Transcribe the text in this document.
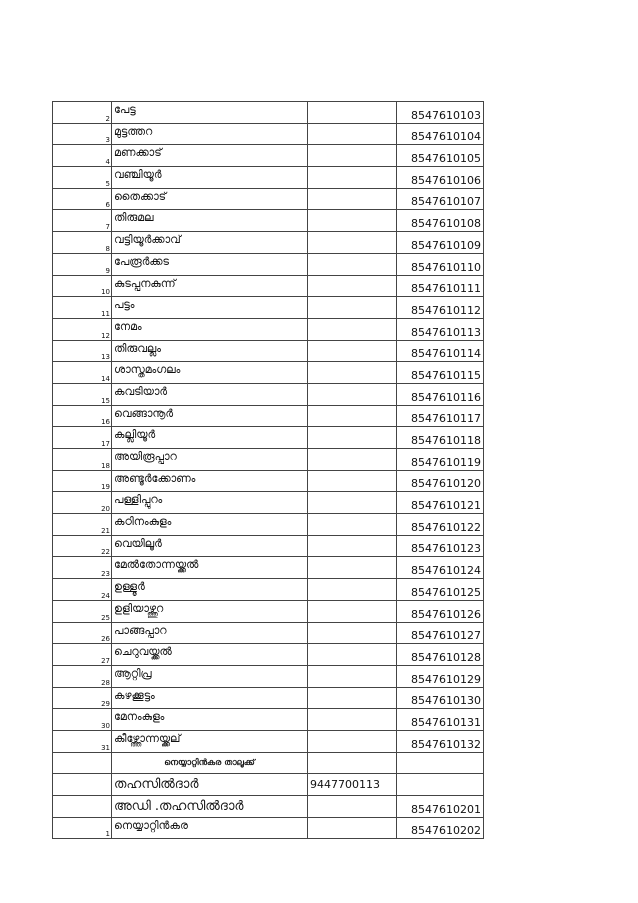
2	പേട്ട		8547610103
3	മുട്ടത്തറ		8547610104
4	മണക്കാട്		8547610105
5	വഞ്ചിയൂർ		8547610106
6	തൈക്കാട്		8547610107
7	തിരുമല		8547610108
8	വട്ടിയൂർക്കാവ്		8547610109
9	പേരൂർക്കട		8547610110
10	കുടപ്പനകുന്ന്		8547610111
11	പട്ടം		8547610112
12	നേമം		8547610113
13	തിരുവല്ലം		8547610114
14	ശാസ്തമംഗലം		8547610115
15	കവടിയാർ		8547610116
16	വെങ്ങാനൂർ		8547610117
17	കല്ലിയൂർ		8547610118
18	അയിരൂപ്പാറ		8547610119
19	അണ്ടൂർക്കോണം		8547610120
20	പള്ളിപ്പുറം		8547610121
21	കഠിനംകുളം		8547610122
22	വെയിലൂർ		8547610123
23	മേൽതോന്നയ്ക്കൽ		8547610124
24	ഉള്ളൂർ		8547610125
25	ഉളിയാഴ്ത്തുറ		8547610126
26	പാങ്ങപ്പാറ		8547610127
27	ചെറുവയ്ക്കൽ		8547610128
28	ആറ്റിപ്ര		8547610129
29	കഴക്കൂട്ടം		8547610130
30	മേനംകുളം		8547610131
31	കീഴ്ത്തോന്നയ്ക്കല്		8547610132
	നെയ്യാറ്റിൻകര താലൂക്ക്		
	തഹസിൽദാർ	9447700113	
	അഡി .തഹസിൽദാർ		8547610201
1	നെയ്യാറ്റിൻകര		8547610202
